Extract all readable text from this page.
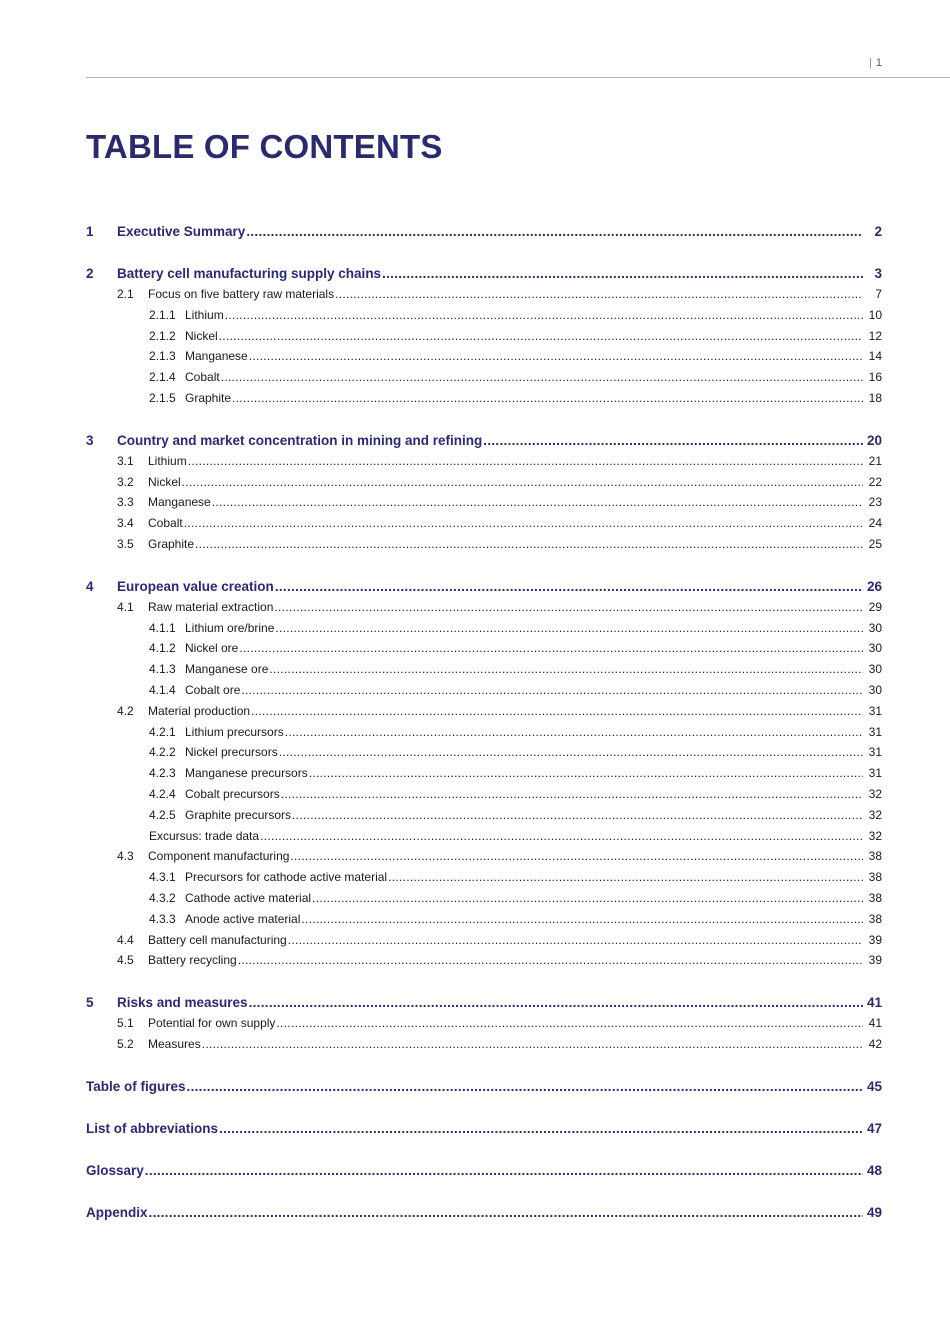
| 1
TABLE OF CONTENTS
1	Executive Summary .....	2
2	Battery cell manufacturing supply chains .....	3
2.1	Focus on five battery raw materials .....	7
2.1.1 Lithium .....	10
2.1.2 Nickel .....	12
2.1.3 Manganese .....	14
2.1.4 Cobalt .....	16
2.1.5 Graphite .....	18
3	Country and market concentration in mining and refining .....	20
3.1	Lithium .....	21
3.2	Nickel .....	22
3.3	Manganese .....	23
3.4	Cobalt .....	24
3.5	Graphite .....	25
4	European value creation .....	26
4.1	Raw material extraction .....	29
4.1.1 Lithium ore/brine .....	30
4.1.2 Nickel ore .....	30
4.1.3 Manganese ore .....	30
4.1.4 Cobalt ore .....	30
4.2	Material production .....	31
4.2.1 Lithium precursors .....	31
4.2.2 Nickel precursors .....	31
4.2.3 Manganese precursors .....	31
4.2.4 Cobalt precursors .....	32
4.2.5 Graphite precursors .....	32
Excursus: trade data .....	32
4.3	Component manufacturing .....	38
4.3.1 Precursors for cathode active material .....	38
4.3.2 Cathode active material .....	38
4.3.3 Anode active material .....	38
4.4	Battery cell manufacturing .....	39
4.5	Battery recycling .....	39
5	Risks and measures .....	41
5.1	Potential for own supply .....	41
5.2	Measures .....	42
Table of figures .....	45
List of abbreviations .....	47
Glossary .....	48
Appendix .....	49
